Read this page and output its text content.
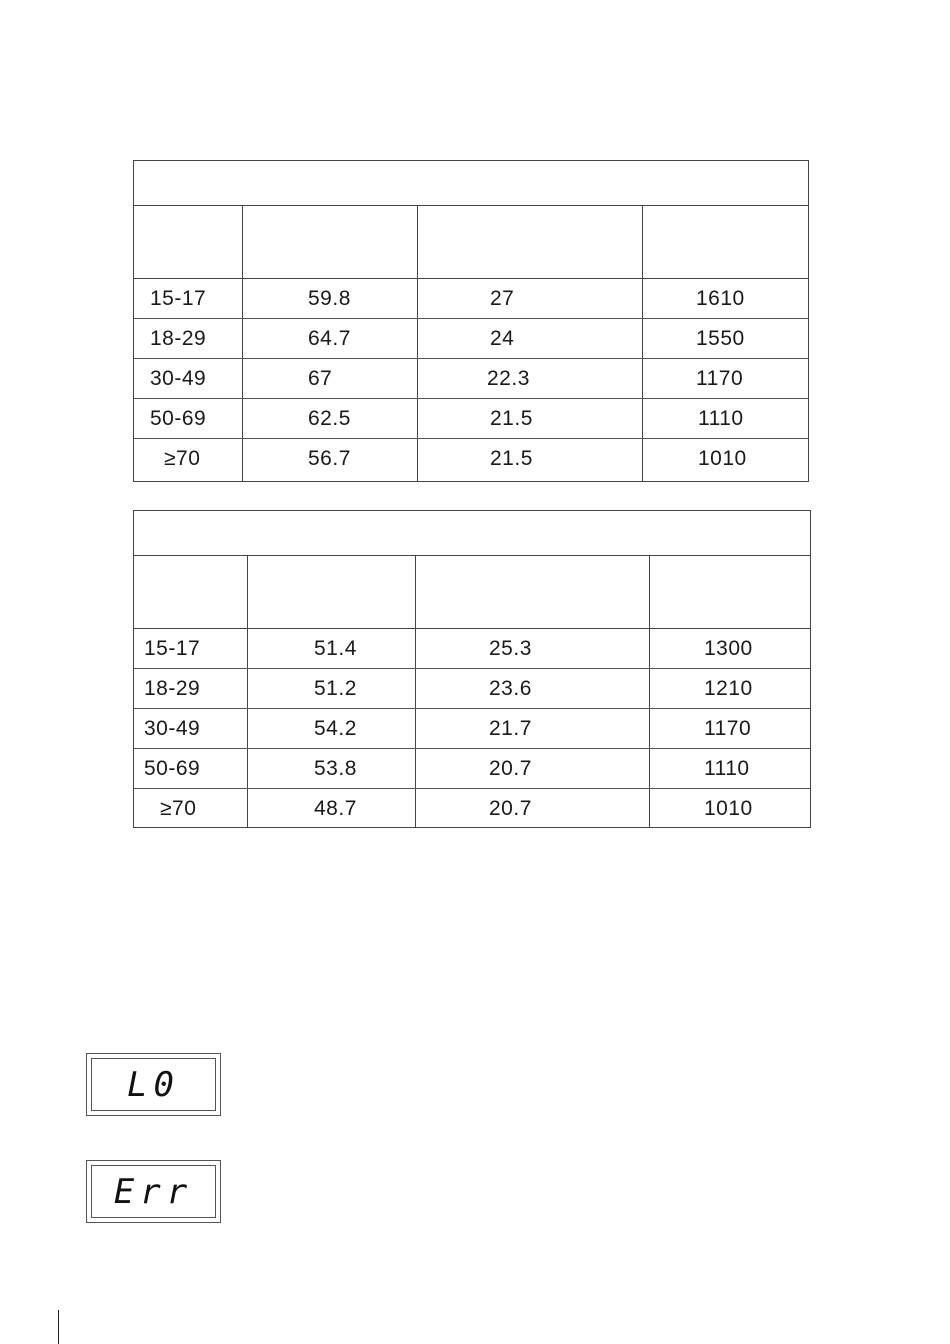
15-17	59.8	27	1610
18-29	64.7	24	1550
30-49	67	22.3	1170
50-69	62.5	21.5	1110
≥70	56.7	21.5	1010
15-17	51.4	25.3	1300
18-29	51.2	23.6	1210
30-49	54.2	21.7	1170
50-69	53.8	20.7	1110
≥70	48.7	20.7	1010
L0
Err
